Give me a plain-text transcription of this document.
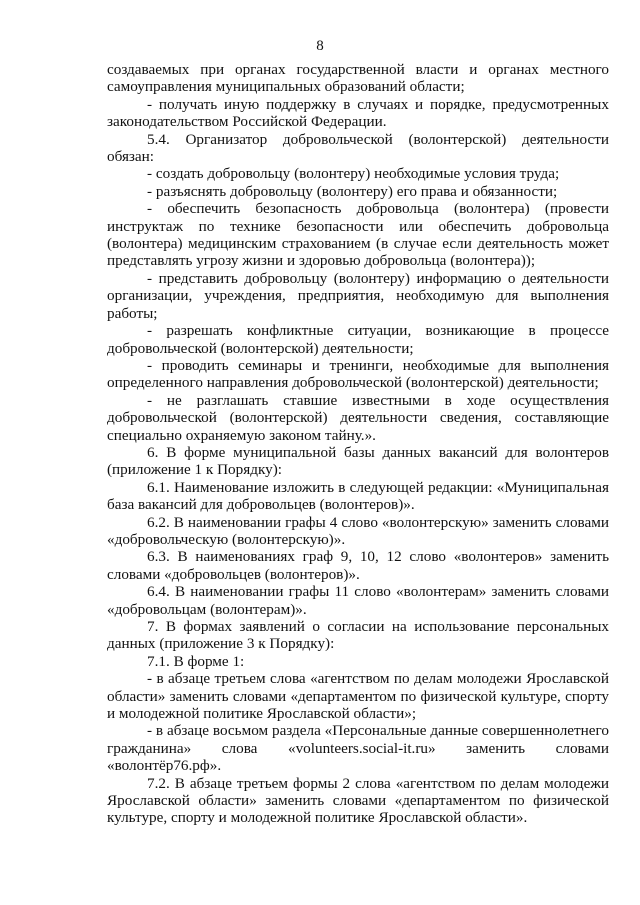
8

создаваемых при органах государственной власти и органах местного самоуправления муниципальных образований области;

- получать иную поддержку в случаях и порядке, предусмотренных законодательством Российской Федерации.

5.4. Организатор добровольческой (волонтерской) деятельности обязан:

- создать добровольцу (волонтеру) необходимые условия труда;

- разъяснять добровольцу (волонтеру) его права и обязанности;

- обеспечить безопасность добровольца (волонтера) (провести инструктаж по технике безопасности или обеспечить добровольца (волонтера) медицинским страхованием (в случае если деятельность может представлять угрозу жизни и здоровью добровольца (волонтера));

- представить добровольцу (волонтеру) информацию о деятельности организации, учреждения, предприятия, необходимую для выполнения работы;

- разрешать конфликтные ситуации, возникающие в процессе добровольческой (волонтерской) деятельности;

- проводить семинары и тренинги, необходимые для выполнения определенного направления добровольческой (волонтерской) деятельности;

- не разглашать ставшие известными в ходе осуществления добровольческой (волонтерской) деятельности сведения, составляющие специально охраняемую законом тайну.».

6. В форме муниципальной базы данных вакансий для волонтеров (приложение 1 к Порядку):

6.1. Наименование изложить в следующей редакции: «Муниципальная база вакансий для добровольцев (волонтеров)».

6.2. В наименовании графы 4 слово «волонтерскую» заменить словами «добровольческую (волонтерскую)».

6.3. В наименованиях граф 9, 10, 12 слово «волонтеров» заменить словами «добровольцев (волонтеров)».

6.4. В наименовании графы 11 слово «волонтерам» заменить словами «добровольцам (волонтерам)».

7. В формах заявлений о согласии на использование персональных данных (приложение 3 к Порядку):

7.1. В форме 1:

- в абзаце третьем слова «агентством по делам молодежи Ярославской области» заменить словами «департаментом по физической культуре, спорту и молодежной политике Ярославской области»;

- в абзаце восьмом раздела «Персональные данные совершеннолетнего гражданина» слова «volunteers.social-it.ru» заменить словами «волонтёр76.рф».

7.2. В абзаце третьем формы 2 слова «агентством по делам молодежи Ярославской области» заменить словами «департаментом по физической культуре, спорту и молодежной политике Ярославской области».
